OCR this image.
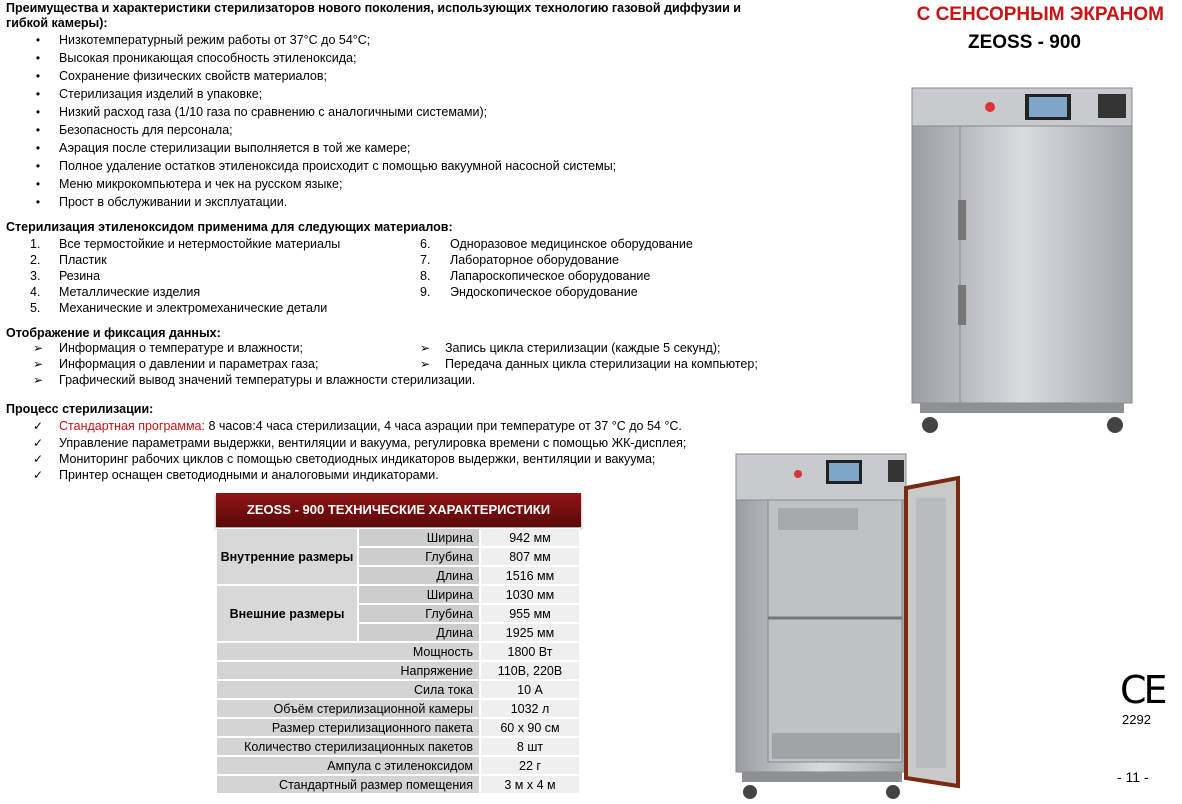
Преимущества и характеристики стерилизаторов нового поколения, использующих технологию газовой диффузии и
гибкой камеры):	С СЕНСОРНЫМ ЭКРАНОМ
ZEOSS - 900
•	Низкотемпературный режим работы от 37°C до 54°C;
•	Высокая проникающая способность этиленоксида;
•	Сохранение физических свойств материалов;
•	Стерилизация изделий в упаковке;
•	Низкий расход газа (1/10 газа по сравнению с аналогичными системами);
•	Безопасность для персонала;
•	Аэрация после стерилизации выполняется в той же камере;
•	Полное удаление остатков этиленоксида происходит с помощью вакуумной насосной системы;
•	Меню микрокомпьютера и чек на русском языке;
•	Прост в обслуживании и эксплуатации.
Стерилизация этиленоксидом применима для следующих материалов:
1. Все термостойкие и нетермостойкие материалы
2. Пластик
3. Резина
4. Металлические изделия
5. Механические и электромеханические детали
6. Одноразовое медицинское оборудование
7. Лабораторное оборудование
8. Лапароскопическое оборудование
9. Эндоскопическое оборудование
Отображение и фиксация данных:
➢	Информация о температуре и влажности;
➢	Информация о давлении и параметрах газа;
➢	Графический вывод значений температуры и влажности стерилизации.
➢	Запись цикла стерилизации (каждые 5 секунд);
➢	Передача данных цикла стерилизации на компьютер;
Процесс стерилизации:
✓	Стандартная программа: 8 часов:4 часа стерилизации, 4 часа аэрации при температуре от 37 °C до 54 °C.
✓	Управление параметрами выдержки, вентиляции и вакуума, регулировка времени с помощью ЖК-дисплея;
✓	Мониторинг рабочих циклов с помощью светодиодных индикаторов выдержки, вентиляции и вакуума;
✓	Принтер оснащен светодиодными и аналоговыми индикаторами.
ZEOSS - 900 ТЕХНИЧЕСКИЕ ХАРАКТЕРИСТИКИ
Внутренние размеры
Ширина	942 мм
Глубина	807 мм
Длина	1516 мм
Внешние размеры
Ширина	1030 мм
Глубина	955 мм
Длина	1925 мм
Мощность	1800 Вт
Напряжение	110В, 220В
Сила тока	10 А
Объём стерилизационной камеры	1032 л
Размер стерилизационного пакета	60 x 90 см
Количество стерилизационных пакетов	8 шт
Ампула с этиленоксидом	22 г
Стандартный размер помещения	3 м x 4 м
CE
2292
- 11 -
